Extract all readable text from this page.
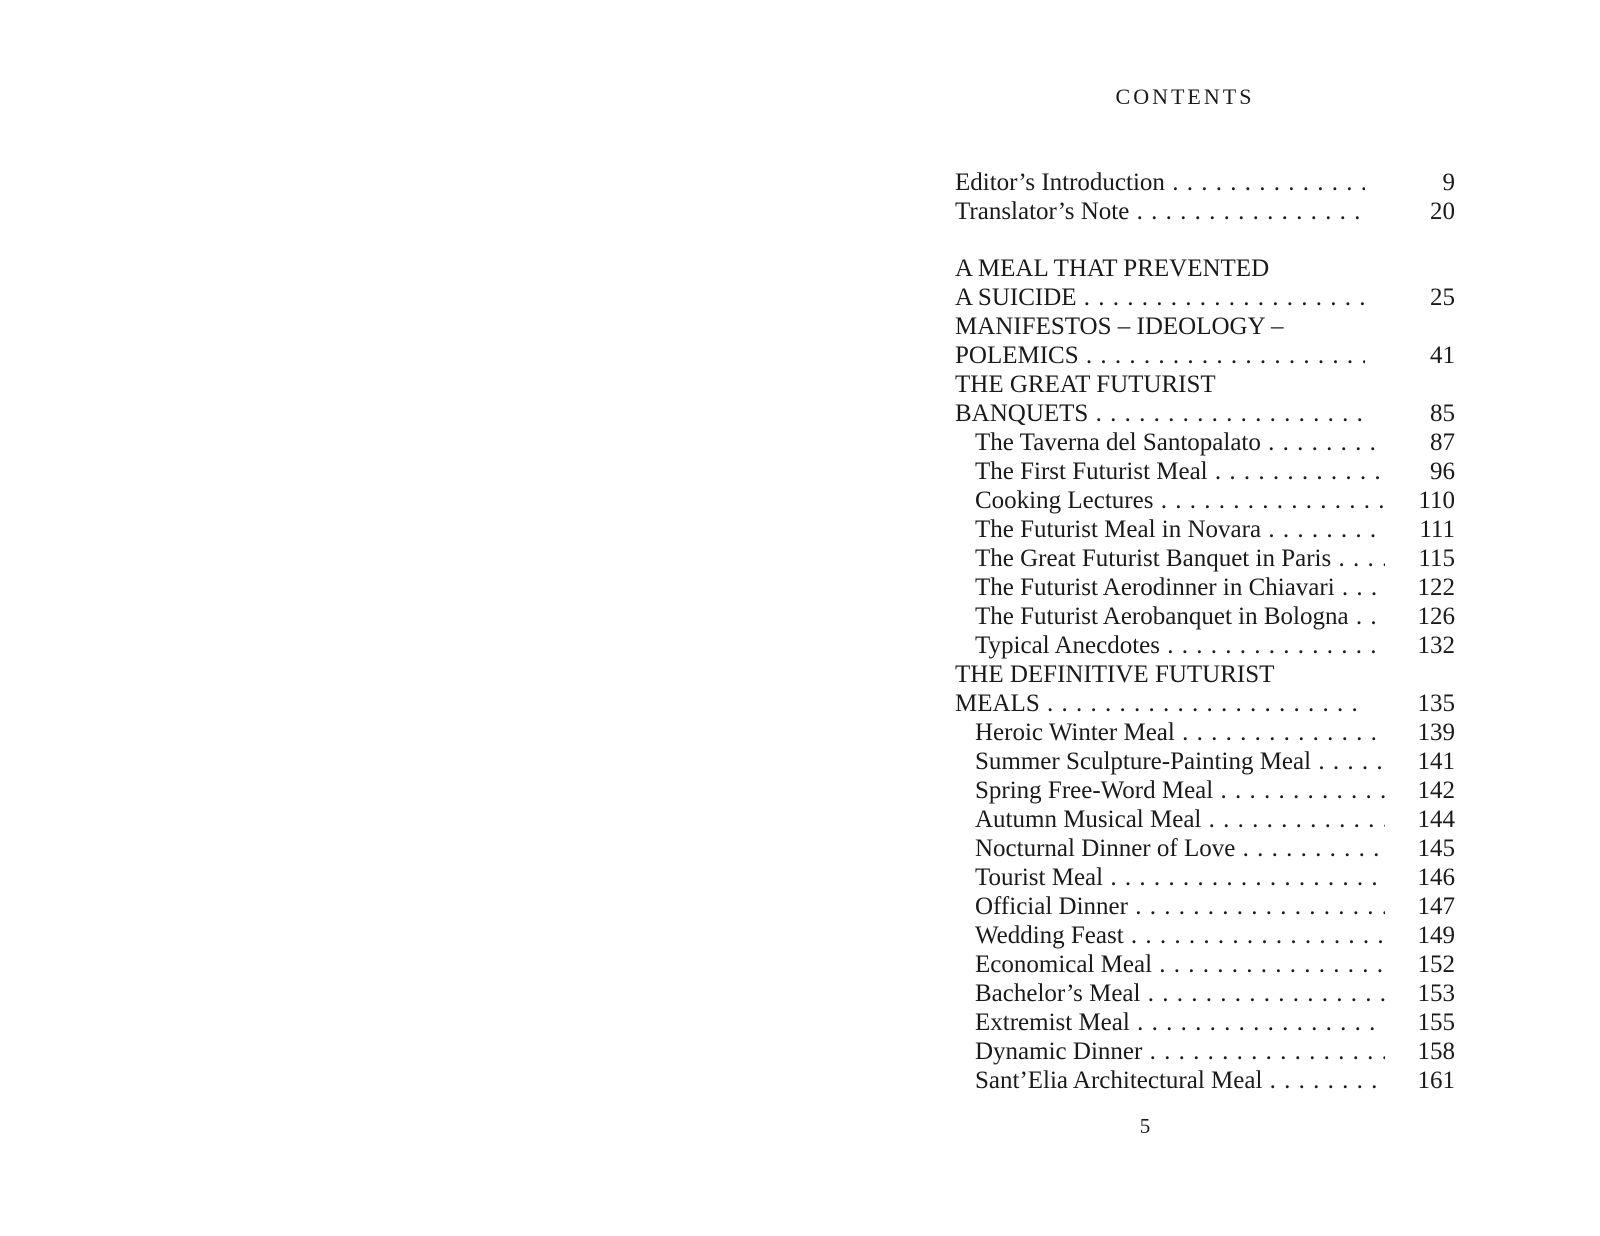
CONTENTS
Editor’s Introduction . . .	9
Translator’s Note . . .	20
A MEAL THAT PREVENTED
A SUICIDE . . .	25
MANIFESTOS – IDEOLOGY –
POLEMICS . . .	41
THE GREAT FUTURIST
BANQUETS . . .	85
The Taverna del Santopalato . . .	87
The First Futurist Meal . . .	96
Cooking Lectures . . .	110
The Futurist Meal in Novara . . .	111
The Great Futurist Banquet in Paris . . .	115
The Futurist Aerodinner in Chiavari . . .	122
The Futurist Aerobanquet in Bologna . . .	126
Typical Anecdotes . . .	132
THE DEFINITIVE FUTURIST
MEALS . . .	135
Heroic Winter Meal . . .	139
Summer Sculpture-Painting Meal . . .	141
Spring Free-Word Meal . . .	142
Autumn Musical Meal . . .	144
Nocturnal Dinner of Love . . .	145
Tourist Meal . . .	146
Official Dinner . . .	147
Wedding Feast . . .	149
Economical Meal . . .	152
Bachelor’s Meal . . .	153
Extremist Meal . . .	155
Dynamic Dinner . . .	158
Sant’Elia Architectural Meal . . .	161
5
